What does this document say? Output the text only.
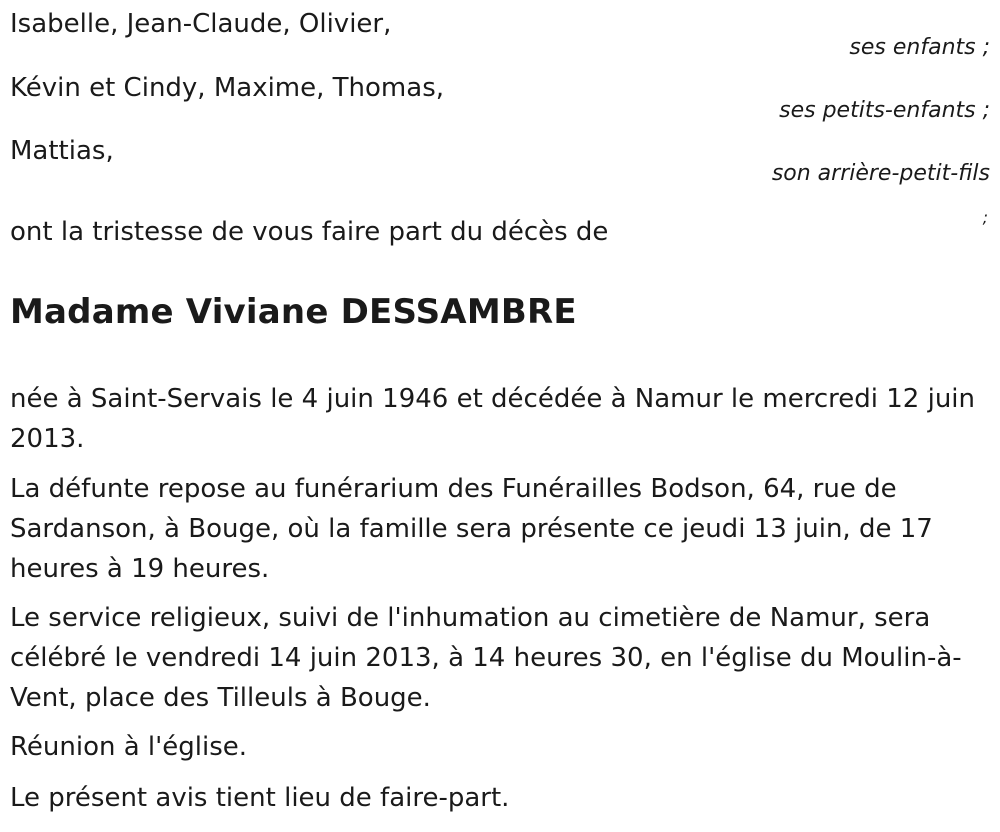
Isabelle, Jean-Claude, Olivier,
ses enfants ;
Kévin et Cindy, Maxime, Thomas,
ses petits-enfants ;
Mattias,
son arrière-petit-fils
;
ont la tristesse de vous faire part du décès de
Madame Viviane DESSAMBRE
née à Saint-Servais le 4 juin 1946 et décédée à Namur le mercredi 12 juin 2013.
La défunte repose au funérarium des Funérailles Bodson, 64, rue de Sardanson, à Bouge, où la famille sera présente ce jeudi 13 juin, de 17 heures à 19 heures.
Le service religieux, suivi de l'inhumation au cimetière de Namur, sera célébré le vendredi 14 juin 2013, à 14 heures 30, en l'église du Moulin-à-Vent, place des Tilleuls à Bouge.
Réunion à l'église.
Le présent avis tient lieu de faire-part.
